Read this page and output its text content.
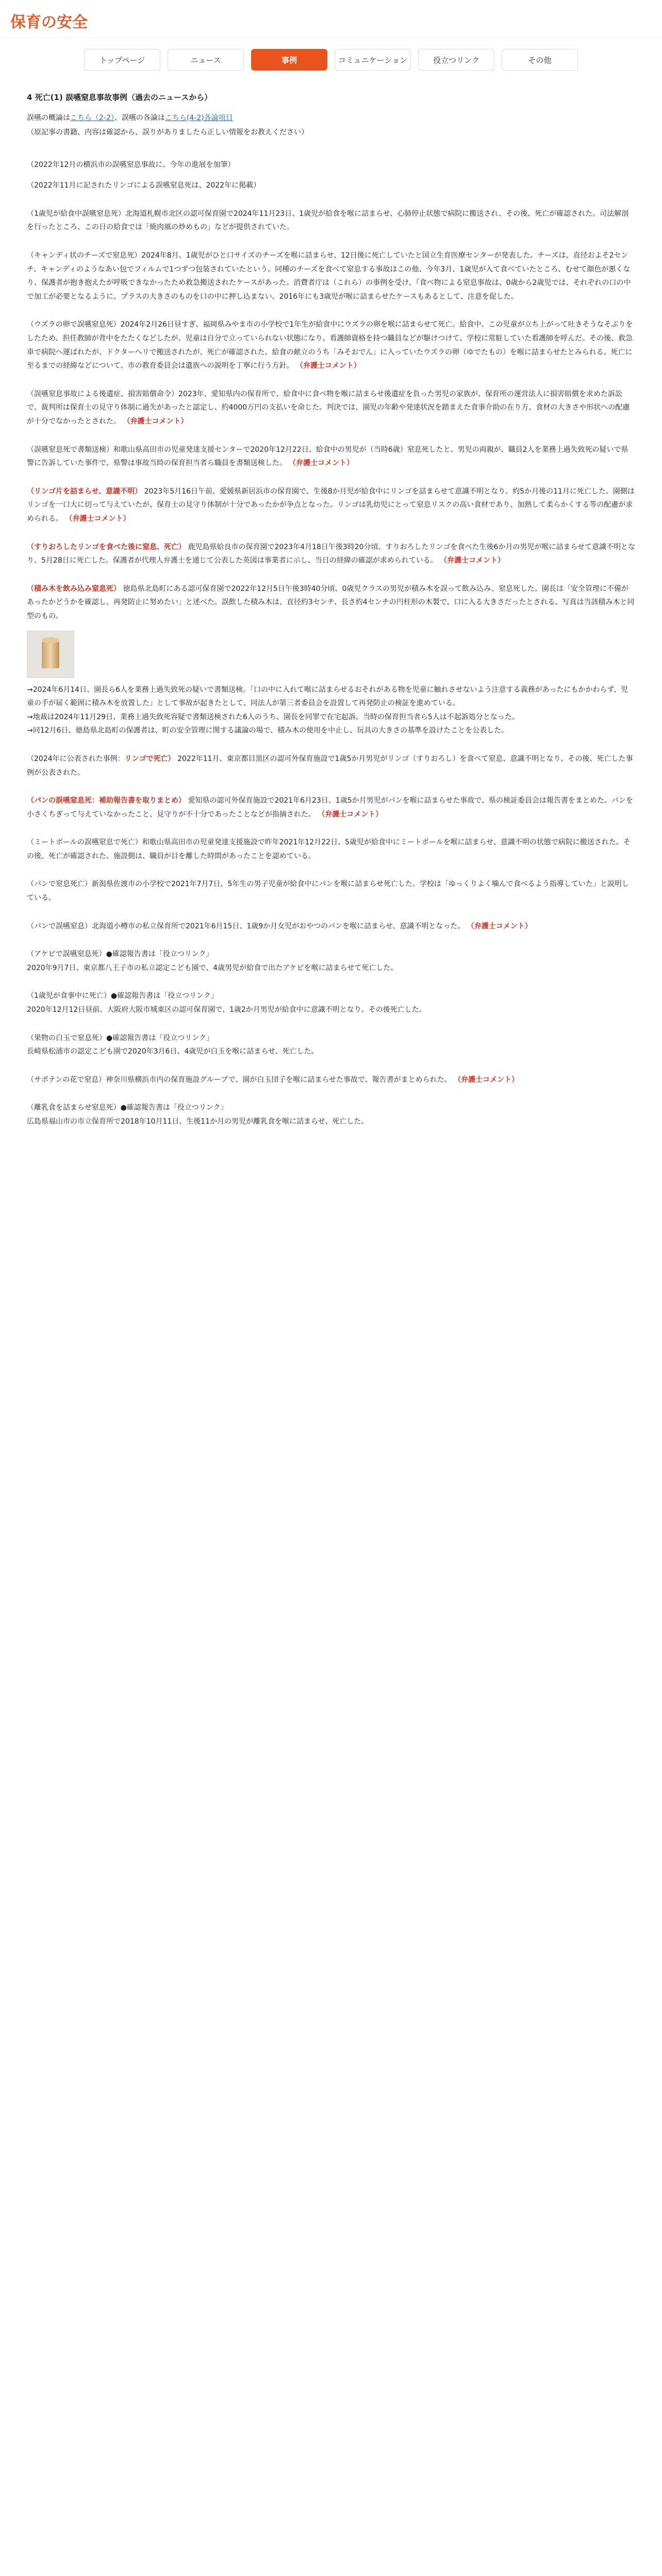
保育の安全
トップページ	ニュース	事例	コミュニケーション	役立つリンク	その他
4 死亡(1) 誤嚥窒息事故事例（過去のニュースから）

誤嚥の概論はこちら（2-2）、誤嚥の各論はこちら(4-2)各論項目

（原記事の書籍、内容は確認から、誤りがありましたら正しい情報をお教えください）

（2022年12月の横浜市の誤嚥窒息事故に、今年の進展を加筆）

（2022年11月に記されたリンゴによる誤嚥窒息死は、2022年に掲載）

（1歳児が給食中誤嚥窒息死）北海道札幌市北区の認可保育園で2024年11月23日、1歳児が給食を喉に詰まらせ、心肺停止状態で病院に搬送され、その後、死亡が確認された。司法解剖を行ったところ、この日の給食では「焼肉風の炒めもの」などが提供されていた。

（キャンディ状のチーズで窒息死）2024年8月、1歳児がひと口サイズのチーズを喉に詰まらせ、12日後に死亡していたと国立生育医療センターが発表した。チーズは、直径およそ2センチ、キャンディのようなあい包でフィルムで1つずつ包装されていたという。同種のチーズを食べて窒息する事故はこの他、今年3月、1歳児が入て食べていたところ、むせて顔色が悪くなり、保護者が抱き抱えたが呼吸できなかったため救急搬送されたケースがあった。消費者庁は（これら）の事例を受け、『食べ物による窒息事故は、0歳から2歳児では、それぞれの口の中で加工が必要となるように、プラスの大きさのものを口の中に押し込まない。2016年にも3歳児が喉に詰まらせたケースもあるとして、注意を促した。

（ウズラの卵で誤嚥窒息死）2024年2月26日昼すぎ、福岡県みやま市の小学校で1年生が給食中にウズラの卵を喉に詰まらせて死亡。給食中、この児童が立ち上がって吐きそうなそぶりをしたため、担任教師が背中をたたくなどしたが、児童は自分で立っていられない状態になり、看護師資格を持つ職員などが駆けつけて、学校に常駐していた看護師を呼んだ。その後、救急車で病院へ運ばれたが、ドクターヘリで搬送されたが、死亡が確認された。給食の献立のうち「みそおでん」に入っていたウズラの卵（ゆでたもの）を喉に詰まらせたとみられる。死亡に至るまでの経緯などについて、市の教育委員会は遺族への説明を丁寧に行う方針。 （弁護士コメント）

（誤嚥窒息事故による後遺症、損害賠償命令）2023年、愛知県内の保育所で、給食中に食べ物を喉に詰まらせ後遺症を負った男児の家族が、保育所の運営法人に損害賠償を求めた訴訟で、裁判所は保育士の見守り体制に過失があったと認定し、約4000万円の支払いを命じた。判決では、園児の年齢や発達状況を踏まえた食事介助の在り方、食材の大きさや形状への配慮が十分でなかったとされた。 （弁護士コメント）

（誤嚥窒息死で書類送検）和歌山県高田市の児童発達支援センターで2020年12月22日、給食中の男児が（当時6歳）窒息死したと、男児の両親が、職員2人を業務上過失致死の疑いで県警に告訴していた事件で、県警は事故当時の保育担当者ら職員を書類送検した。 （弁護士コメント）

（リンゴ片を詰まらせ、意識不明） 2023年5月16日午前、愛媛県新居浜市の保育園で、生後8か月児が給食中にリンゴを詰まらせて意識不明となり、約5か月後の11月に死亡した。園側はリンゴを一口大に切って与えていたが、保育士の見守り体制が十分であったかが争点となった。リンゴは乳幼児にとって窒息リスクの高い食材であり、加熱して柔らかくする等の配慮が求められる。 （弁護士コメント）

（すりおろしたリンゴを食べた後に窒息、死亡） 鹿児島県姶良市の保育園で2023年4月18日午後3時20分頃、すりおろしたリンゴを食べた生後6か月の男児が喉に詰まらせて意識不明となり、5月28日に死亡した。保護者が代理人弁護士を通じて公表した英図は事業者に示し、当日の経緯の確認が求められている。 （弁護士コメント）

（積み木を飲み込み窒息死） 徳島県北島町にある認可保育園で2022年12月5日午後3時40分頃、0歳児クラスの男児が積み木を誤って飲み込み、窒息死した。園長は「安全管理に不備があったかどうかを確認し、再発防止に努めたい」と述べた。誤飲した積み木は、直径約3センチ、長さ約4センチの円柱形の木製で、口に入る大きさだったとされる。写真は当該積み木と同型のもの。

→2024年6月14日、園長ら6人を業務上過失致死の疑いで書類送検。「口の中に入れて喉に詰まらせるおそれがある物を児童に触れさせないよう注意する義務があったにもかかわらず、児童の手が届く範囲に積み木を放置した」として事故が起きたとして、同法人が第三者委員会を設置して再発防止の検証を進めている。

→地裁は2024年11月29日、業務上過失致死容疑で書類送検された6人のうち、園長を同罪で在宅起訴。当時の保育担当者ら5人は不起訴処分となった。

→同12月6日、徳島県北島町の保護者は、町の安全管理に関する議論の場で、積み木の使用を中止し、玩具の大きさの基準を設けたことを公表した。

（2024年に公表された事例：リンゴで死亡） 2022年11月、東京都目黒区の認可外保育施設で1歳5か月男児がリンゴ（すりおろし）を食べて窒息、意識不明となり、その後、死亡した事例が公表された。

（パンの誤嚥窒息死：補助報告書を取りまとめ） 愛知県の認可外保育施設で2021年6月23日、1歳5か月男児がパンを喉に詰まらせた事故で、県の検証委員会は報告書をまとめた。パンを小さくちぎって与えていなかったこと、見守りが不十分であったことなどが指摘された。 （弁護士コメント）

（ミートボールの誤嚥窒息で死亡）和歌山県高田市の児童発達支援施設で昨年2021年12月22日、5歳児が給食中にミートボールを喉に詰まらせ、意識不明の状態で病院に搬送された。その後、死亡が確認された。施設側は、職員が目を離した時間があったことを認めている。

（パンで窒息死亡）新潟県佐渡市の小学校で2021年7月7日、5年生の男子児童が給食中にパンを喉に詰まらせ死亡した。学校は「ゆっくりよく噛んで食べるよう指導していた」と説明している。

（パンで誤嚥窒息）北海道小樽市の私立保育所で2021年6月15日、1歳9か月女児がおやつのパンを喉に詰まらせ、意識不明となった。 （弁護士コメント）

（アケビで誤嚥窒息死）●確認報告書は「役立つリンク」

2020年9月7日、東京都八王子市の私立認定こども園で、4歳男児が給食で出たアケビを喉に詰まらせて死亡した。

（1歳児が食事中に死亡）●確認報告書は「役立つリンク」

2020年12月12日昼前、大阪府大阪市城東区の認可保育園で、1歳2か月男児が給食中に意識不明となり、その後死亡した。

（果物の白玉で窒息死）●確認報告書は「役立つリンク」

長崎県松浦市の認定こども園で2020年3月6日、4歳児が白玉を喉に詰まらせ、死亡した。

（サポテンの花で窒息）神奈川県横浜市内の保育施設グループで、園が白玉団子を喉に詰まらせた事故で、報告書がまとめられた。 （弁護士コメント）

（離乳食を詰まらせ窒息死）●確認報告書は「役立つリンク」

広島県福山市の市立保育所で2018年10月11日、生後11か月の男児が離乳食を喉に詰まらせ、死亡した。
